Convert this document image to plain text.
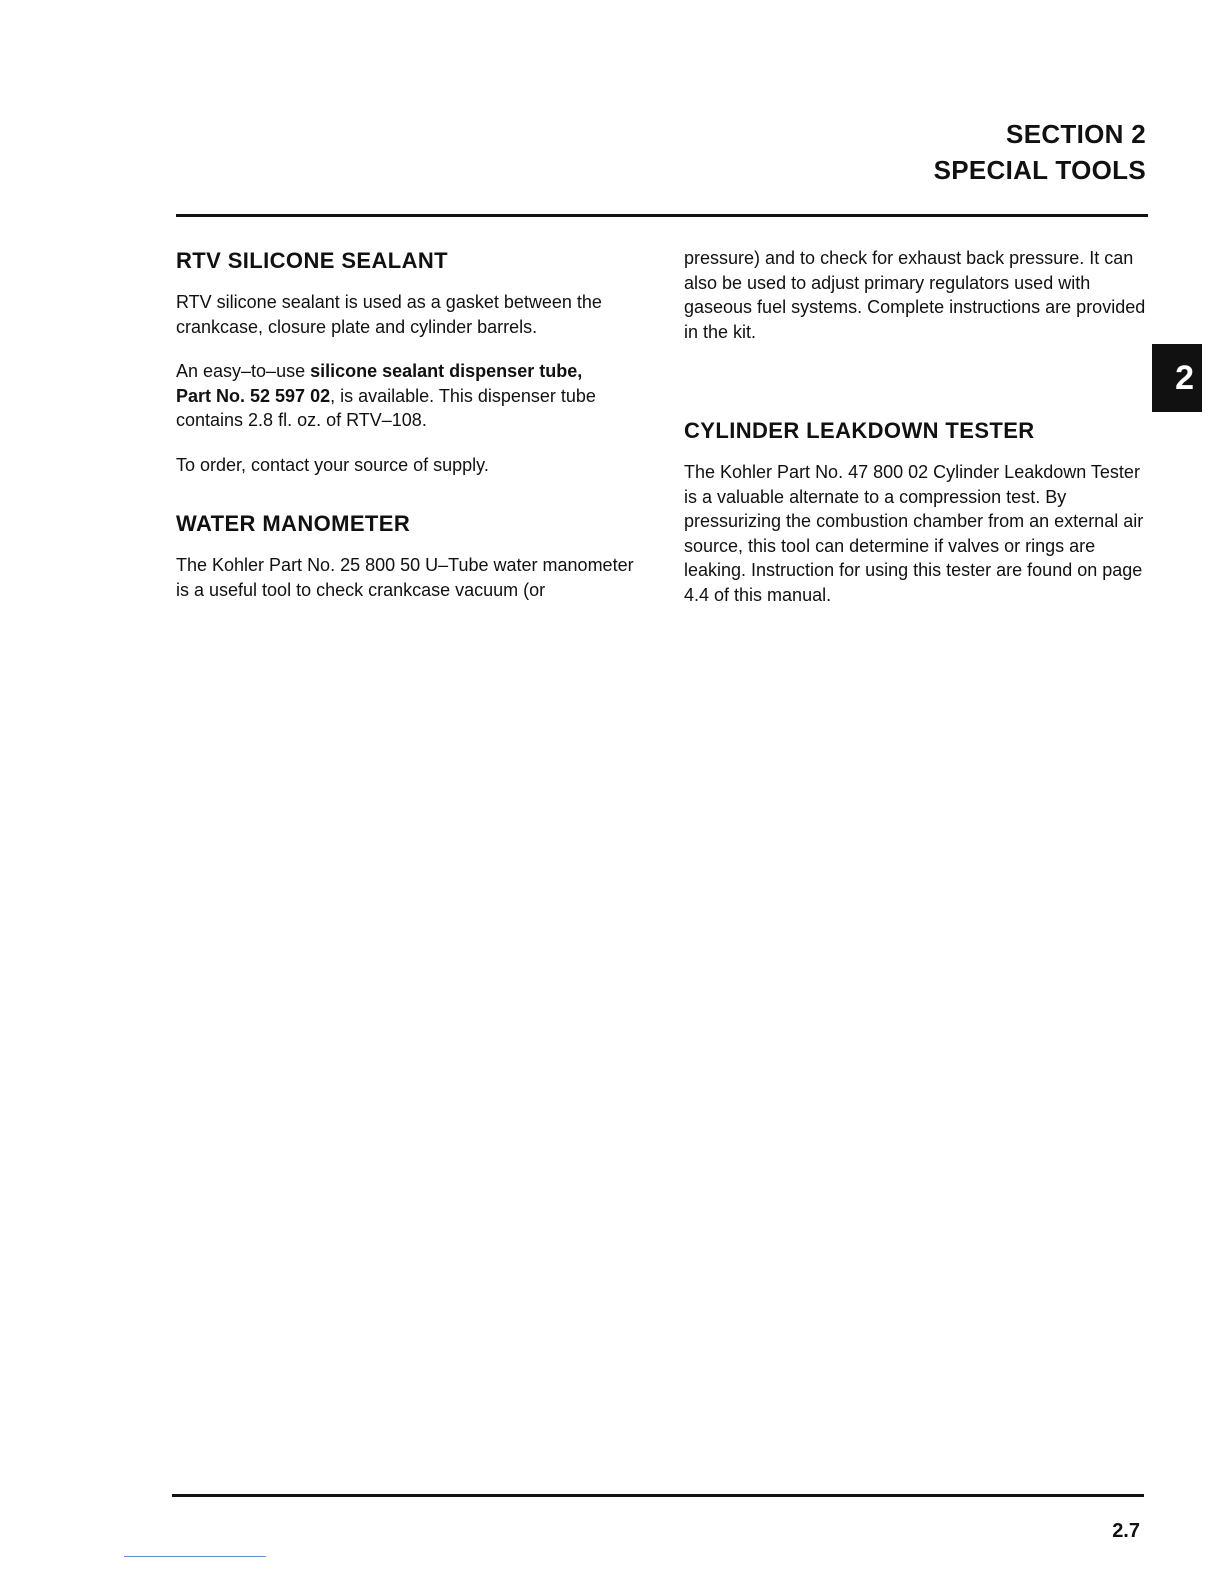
SECTION 2
SPECIAL TOOLS
2
RTV SILICONE SEALANT

RTV silicone sealant is used as a gasket between the crankcase, closure plate and cylinder barrels.

An easy–to–use silicone sealant dispenser tube,
Part No. 52 597 02, is available. This dispenser tube contains 2.8 fl. oz. of RTV–108.

To order, contact your source of supply.

WATER MANOMETER

The Kohler Part No. 25 800 50 U–Tube water manometer is a useful tool to check crankcase vacuum (or

pressure) and to check for exhaust back pressure. It can also be used to adjust primary regulators used with gaseous fuel systems. Complete instructions are provided in the kit.

CYLINDER LEAKDOWN TESTER

The Kohler Part No. 47 800 02 Cylinder Leakdown Tester is a valuable alternate to a compression test. By pressurizing the combustion chamber from an external air source, this tool can determine if valves or rings are leaking. Instruction for using this tester are found on page 4.4 of this manual.

2.7
